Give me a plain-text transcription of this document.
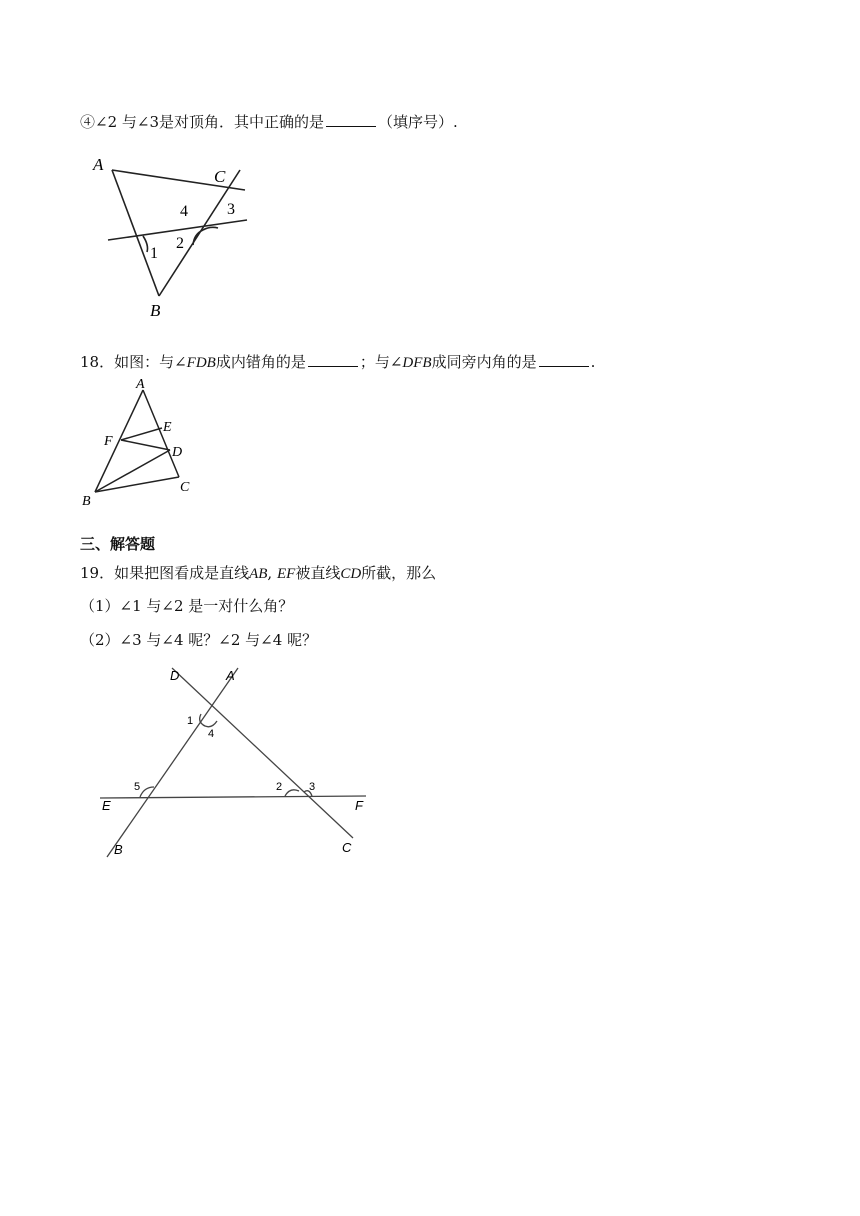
④∠2 与∠3是对顶角．其中正确的是	（填序号）.
A
C
B
4 3
1
2
18．如图：与∠FDB成内错角的是	；与∠DFB成同旁内角的是	.
A
E
F
D
C
B
三、解答题
19．如果把图看成是直线AB, EF被直线CD所截，那么
（1）∠1 与∠2 是一对什么角？
（2）∠3 与∠4 呢？∠2 与∠4 呢？
D	A
1
4
5	2 3
E	F
B	C
